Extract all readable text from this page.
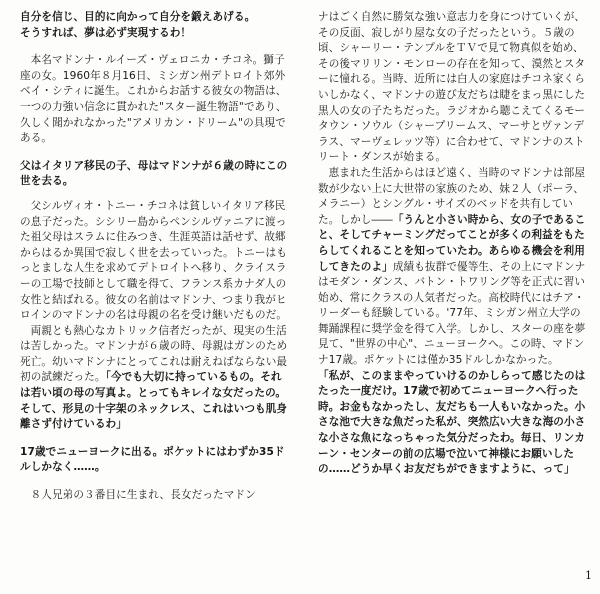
自分を信じ、目的に向かって自分を鍛えあげる。
そうすれば、夢は必ず実現するわ！

本名マドンナ・ルイーズ・ヴェロニカ・チコネ。獅子座の女。1960年８月16日、ミシガン州デトロイト郊外ベイ・シティに誕生。これからお話する彼女の物語は、一つの力強い信念に貫かれた"スター誕生物語"であり、久しく聞かれなかった"アメリカン・ドリーム"の具現である。

父はイタリア移民の子、母はマドンナが６歳の時にこの世を去る。

父シルヴィオ・トニー・チコネは貧しいイタリア移民の息子だった。シシリー島からペンシルヴァニアに渡った祖父母はスラムに住みつき、生涯英語は話せず、故郷からはるか異国で寂しく世を去っていった。トニーはもっとましな人生を求めてデトロイトへ移り、クライスラーの工場で技師として職を得て、フランス系カナダ人の女性と結ばれる。彼女の名前はマドンナ、つまり我がヒロインのマドンナの名は母親の名を受け継いだものだ。

両親とも熱心なカトリック信者だったが、現実の生活は苦しかった。マドンナが６歳の時、母親はガンのため死亡。幼いマドンナにとってこれは耐えねばならない最初の試練だった。「今でも大切に持っているもの。それは若い頃の母の写真よ。とってもキレイな女だったの。そして、形見の十字架のネックレス、これはいつも肌身離さず付けているわ」

17歳でニューヨークに出る。ポケットにはわずか35ドルしかなく……。

８人兄弟の３番目に生まれ、長女だったマドン

ナはごく自然に勝気な強い意志力を身につけていくが、その反面、寂しがり屋な女の子だったという。５歳の頃、シャーリー・テンプルをＴＶで見て物真似を始め、その後マリリン・モンローの存在を知って、漠然とスターに憧れる。当時、近所には白人の家庭はチコネ家くらいしかなく、マドンナの遊び友だちは睫をまっ黒にした黒人の女の子たちだった。ラジオから聴こえてくるモータウン・ソウル（シャープリームス、マーサとヴァンデラス、マーヴェレッツ等）に合わせて、マドンナのストリート・ダンスが始まる。

恵まれた生活からはほど遠く、当時のマドンナは部屋数が少ない上に大世帯の家族のため、妹２人（ポーラ、メラニー）とシングル・サイズのベッドを共有していた。しかし――「うんと小さい時から、女の子であること、そしてチャーミングだってことが多くの利益をもたらしてくれることを知っていたわ。あらゆる機会を利用してきたのよ」成績も抜群で優等生、その上にマドンナはモダン・ダンス、バトン・トワリング等を正式に習い始め、常にクラスの人気者だった。高校時代にはチア・リーダーも経験している。'77年、ミシガン州立大学の舞踊課程に奨学金を得て入学。しかし、スターの座を夢見て、"世界の中心"、ニューヨークへ。この時、マドンナ17歳。ポケットには僅か35ドルしかなかった。

「私が、このままやっていけるのかしらって感じたのはたった一度だけ。17歳で初めてニューヨークへ行った時。お金もなかったし、友だちも一人もいなかった。小さな池で大きな魚だった私が、突然広い大きな海の小さな小さな魚になっちゃった気分だったわ。毎日、リンカーン・センターの前の広場で泣いて神様にお願いしたの……どうか早くお友だちができますように、って」

1
